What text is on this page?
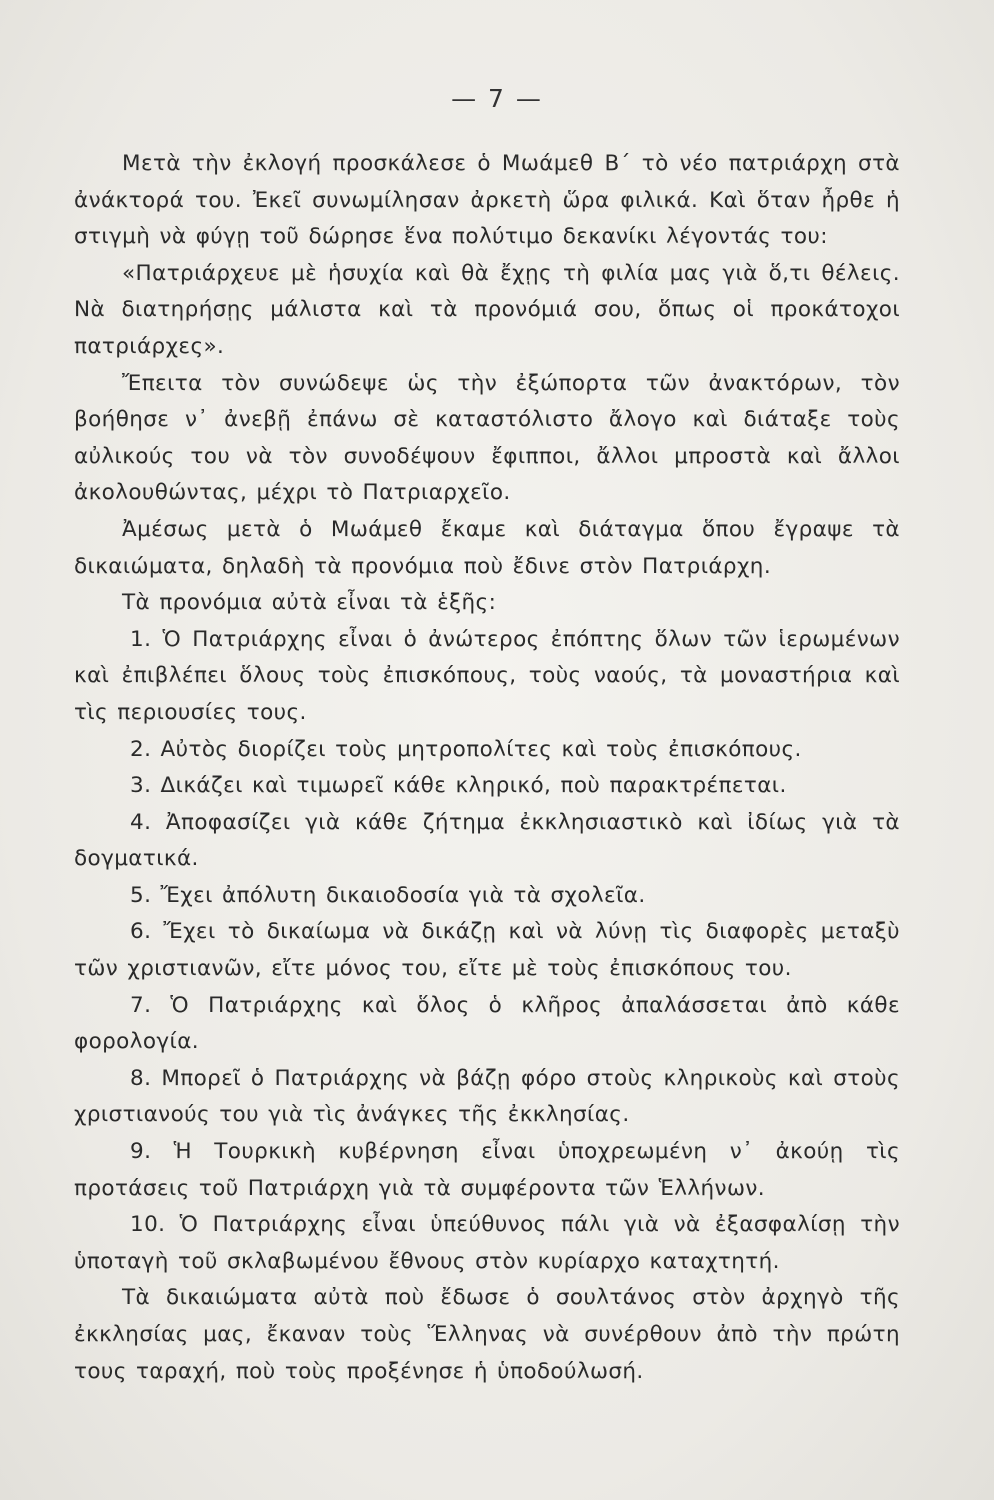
— 7 —

Μετὰ τὴν ἐκλογή προσκάλεσε ὁ Μωάμεθ Β΄ τὸ νέο πατριάρχη στὰ ἀνάκτορά του. Ἐκεῖ συνωμίλησαν ἀρκετὴ ὥρα φιλικά. Καὶ ὅταν ἦρθε ἡ στιγμὴ νὰ φύγῃ τοῦ δώρησε ἕνα πολύτιμο δεκανίκι λέγοντάς του:

«Πατριάρχευε μὲ ἡσυχία καὶ θὰ ἔχῃς τὴ φιλία μας γιὰ ὅ,τι θέλεις. Νὰ διατηρήσῃς μάλιστα καὶ τὰ προνόμιά σου, ὅπως οἱ προκάτοχοι πατριάρχες».

Ἔπειτα τὸν συνώδεψε ὡς τὴν ἐξώπορτα τῶν ἀνακτόρων, τὸν βοήθησε ν᾽ ἀνεβῇ ἐπάνω σὲ καταστόλιστο ἄλογο καὶ διάταξε τοὺς αὐλικούς του νὰ τὸν συνοδέψουν ἔφιπποι, ἄλλοι μπροστὰ καὶ ἄλλοι ἀκολουθώντας, μέχρι τὸ Πατριαρχεῖο.

Ἀμέσως μετὰ ὁ Μωάμεθ ἔκαμε καὶ διάταγμα ὅπου ἔγραψε τὰ δικαιώματα, δηλαδὴ τὰ προνόμια ποὺ ἔδινε στὸν Πατριάρχη.

Τὰ προνόμια αὐτὰ εἶναι τὰ ἑξῆς:

1. Ὁ Πατριάρχης εἶναι ὁ ἀνώτερος ἐπόπτης ὅλων τῶν ἱερωμένων καὶ ἐπιβλέπει ὅλους τοὺς ἐπισκόπους, τοὺς ναούς, τὰ μοναστήρια καὶ τὶς περιουσίες τους.

2. Αὐτὸς διορίζει τοὺς μητροπολίτες καὶ τοὺς ἐπισκόπους.

3. Δικάζει καὶ τιμωρεῖ κάθε κληρικό, ποὺ παρακτρέπεται.

4. Ἀποφασίζει γιὰ κάθε ζήτημα ἐκκλησιαστικὸ καὶ ἰδίως γιὰ τὰ δογματικά.

5. Ἔχει ἀπόλυτη δικαιοδοσία γιὰ τὰ σχολεῖα.

6. Ἔχει τὸ δικαίωμα νὰ δικάζῃ καὶ νὰ λύνῃ τὶς διαφορὲς μεταξὺ τῶν χριστιανῶν, εἴτε μόνος του, εἴτε μὲ τοὺς ἐπισκόπους του.

7. Ὁ Πατριάρχης καὶ ὅλος ὁ κλῆρος ἀπαλάσσεται ἀπὸ κάθε φορολογία.

8. Μπορεῖ ὁ Πατριάρχης νὰ βάζῃ φόρο στοὺς κληρικοὺς καὶ στοὺς χριστιανούς του γιὰ τὶς ἀνάγκες τῆς ἐκκλησίας.

9. Ἡ Τουρκικὴ κυβέρνηση εἶναι ὑποχρεωμένη ν᾽ ἀκούῃ τὶς προτάσεις τοῦ Πατριάρχη γιὰ τὰ συμφέροντα τῶν Ἑλλήνων.

10. Ὁ Πατριάρχης εἶναι ὑπεύθυνος πάλι γιὰ νὰ ἐξασφαλίσῃ τὴν ὑποταγὴ τοῦ σκλαβωμένου ἔθνους στὸν κυρίαρχο καταχτητή.

Τὰ δικαιώματα αὐτὰ ποὺ ἔδωσε ὁ σουλτάνος στὸν ἀρχηγὸ τῆς ἐκκλησίας μας, ἔκαναν τοὺς Ἕλληνας νὰ συνέρθουν ἀπὸ τὴν πρώτη τους ταραχή, ποὺ τοὺς προξένησε ἡ ὑποδούλωσή.
